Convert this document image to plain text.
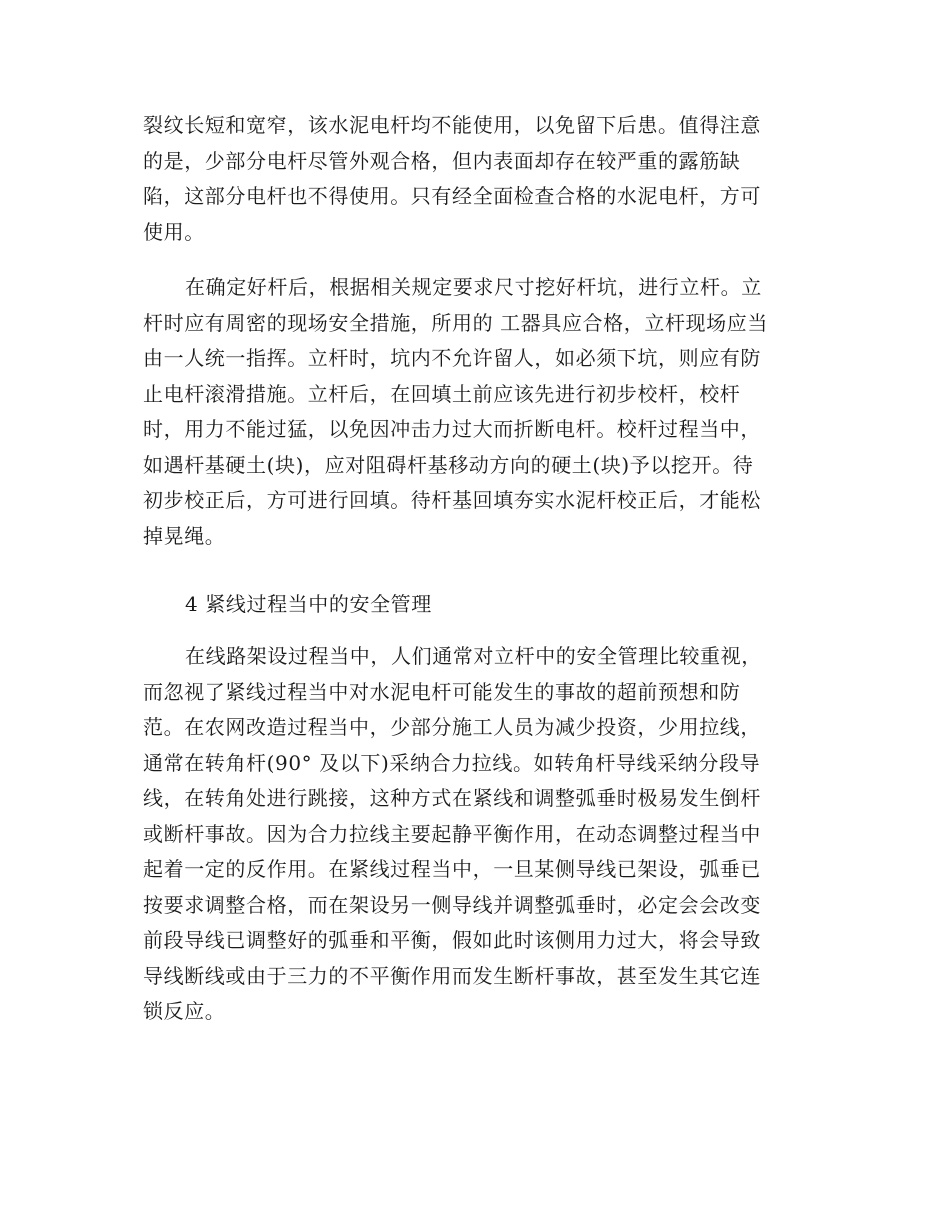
裂纹长短和宽窄，该水泥电杆均不能使用，以免留下后患。值得注意
的是，少部分电杆尽管外观合格，但内表面却存在较严重的露筋缺
陷，这部分电杆也不得使用。只有经全面检查合格的水泥电杆，方可
使用。
在确定好杆后，根据相关规定要求尺寸挖好杆坑，进行立杆。立
杆时应有周密的现场安全措施，所用的 工器具应合格，立杆现场应当
由一人统一指挥。立杆时，坑内不允许留人，如必须下坑，则应有防
止电杆滚滑措施。立杆后，在回填土前应该先进行初步校杆，校杆
时，用力不能过猛，以免因冲击力过大而折断电杆。校杆过程当中，
如遇杆基硬土(块)，应对阻碍杆基移动方向的硬土(块)予以挖开。待
初步校正后，方可进行回填。待杆基回填夯实水泥杆校正后，才能松
掉晃绳。
4 紧线过程当中的安全管理
在线路架设过程当中，人们通常对立杆中的安全管理比较重视，
而忽视了紧线过程当中对水泥电杆可能发生的事故的超前预想和防
范。在农网改造过程当中，少部分施工人员为减少投资，少用拉线，
通常在转角杆(90° 及以下)采纳合力拉线。如转角杆导线采纳分段导
线，在转角处进行跳接，这种方式在紧线和调整弧垂时极易发生倒杆
或断杆事故。因为合力拉线主要起静平衡作用，在动态调整过程当中
起着一定的反作用。在紧线过程当中，一旦某侧导线已架设，弧垂已
按要求调整合格，而在架设另一侧导线并调整弧垂时，必定会会改变
前段导线已调整好的弧垂和平衡，假如此时该侧用力过大，将会导致
导线断线或由于三力的不平衡作用而发生断杆事故，甚至发生其它连
锁反应。
